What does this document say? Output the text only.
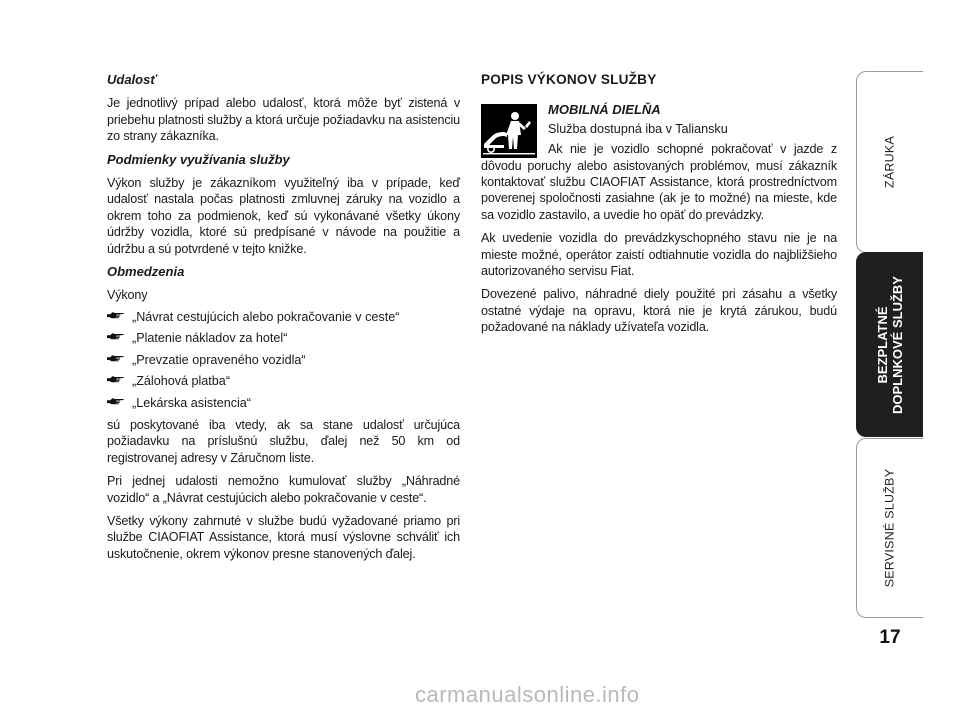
Udalosť

Je jednotlivý prípad alebo udalosť, ktorá môže byť zistená v priebehu platnosti služby a ktorá určuje požiadavku na asistenciu zo strany zákazníka.

Podmienky využívania služby

Výkon služby je zákazníkom využiteľný iba v prípade, keď udalosť nastala počas platnosti zmluvnej záruky na vozidlo a okrem toho za podmienok, keď sú vykonávané všetky úkony údržby vozidla, ktoré sú predpísané v návode na použitie a údržbu a sú potvrdené v tejto knižke.

Obmedzenia

Výkony

„Návrat cestujúcich alebo pokračovanie v ceste“
„Platenie nákladov za hotel“
„Prevzatie opraveného vozidla“
„Zálohová platba“
„Lekárska asistencia“

sú poskytované iba vtedy, ak sa stane udalosť určujúca požiadavku na príslušnú službu, ďalej než 50 km od registrovanej adresy v Záručnom liste.

Pri jednej udalosti nemožno kumulovať služby „Náhradné vozidlo“ a „Návrat cestujúcich alebo pokračovanie v ceste“.

Všetky výkony zahrnuté v službe budú vyžadované priamo pri službe CIAOFIAT Assistance, ktorá musí výslovne schváliť ich uskutočnenie, okrem výkonov presne stanovených ďalej.

POPIS VÝKONOV SLUŽBY
MOBILNÁ DIELŇA
Služba dostupná iba v Taliansku

Ak nie je vozidlo schopné pokračovať v jazde z dôvodu poruchy alebo asistovaných problémov, musí zákazník kontaktovať službu CIAOFIAT Assistance, ktorá prostredníctvom poverenej spoločnosti zasiahne (ak je to možné) na mieste, kde sa vozidlo zastavilo, a uvedie ho opäť do prevádzky.

Ak uvedenie vozidla do prevádzkyschopného stavu nie je na mieste možné, operátor zaistí odtiahnutie vozidla do najbližšieho autorizovaného servisu Fiat.

Dovezené palivo, náhradné diely použité pri zásahu a všetky ostatné výdaje na opravu, ktorá nie je krytá zárukou, budú požadované na náklady užívateľa vozidla.

ZÁRUKA
BEZPLATNÉ DOPLNKOVÉ SLUŽBY
SERVISNÉ SLUŽBY
17
carmanualsonline.info
